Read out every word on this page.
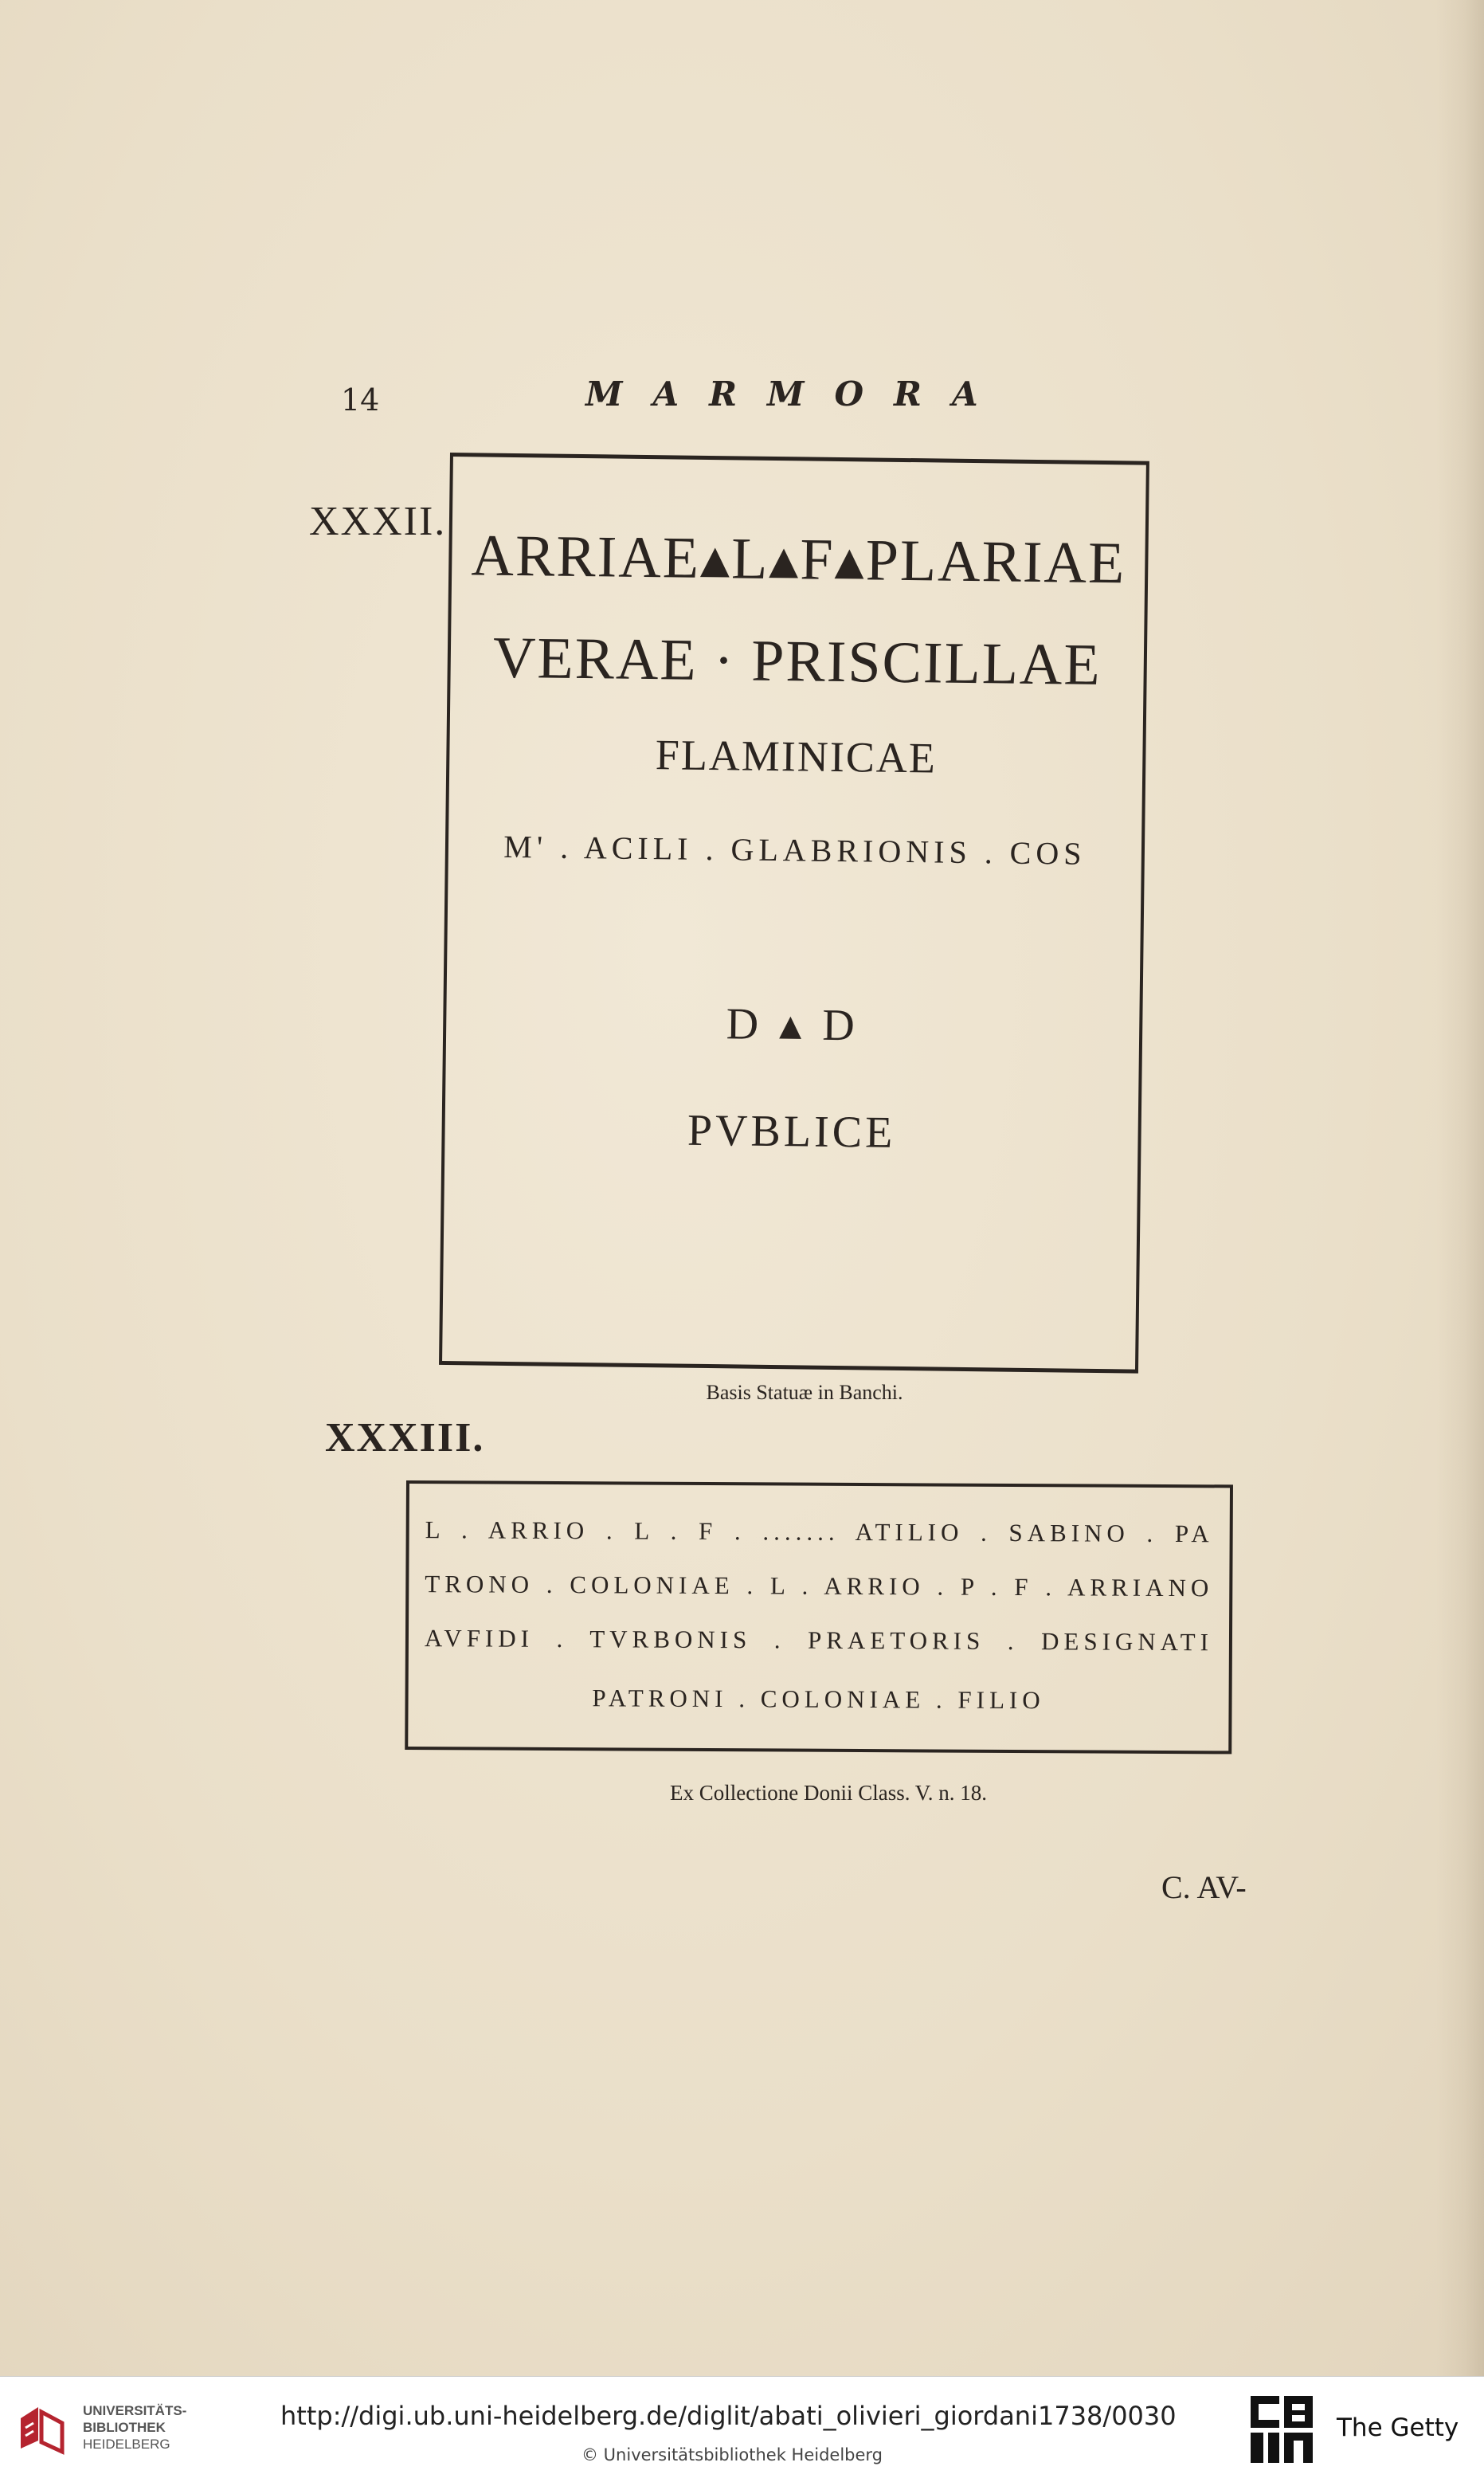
14	MARMORA
XXXII.
ARRIAE▴L▴F▴PLARIAE
VERAE · PRISCILLAE
FLAMINICAE
M' . ACILI . GLABRIONIS . COS
D ▴ D
PVBLICE
Basis Statuæ in Banchi.
XXXIII.
L . ARRIO . L . F . ....... ATILIO . SABINO . PA
TRONO . COLONIAE . L . ARRIO . P . F . ARRIANO
AVFIDI . TVRBONIS . PRAETORIS . DESIGNATI
PATRONI . COLONIAE . FILIO
Ex Collectione Donii Class. V. n. 18.
C. AV-
UNIVERSITÄTS-
BIBLIOTHEK
HEIDELBERG
http://digi.ub.uni-heidelberg.de/diglit/abati_olivieri_giordani1738/0030
© Universitätsbibliothek Heidelberg
The Getty
